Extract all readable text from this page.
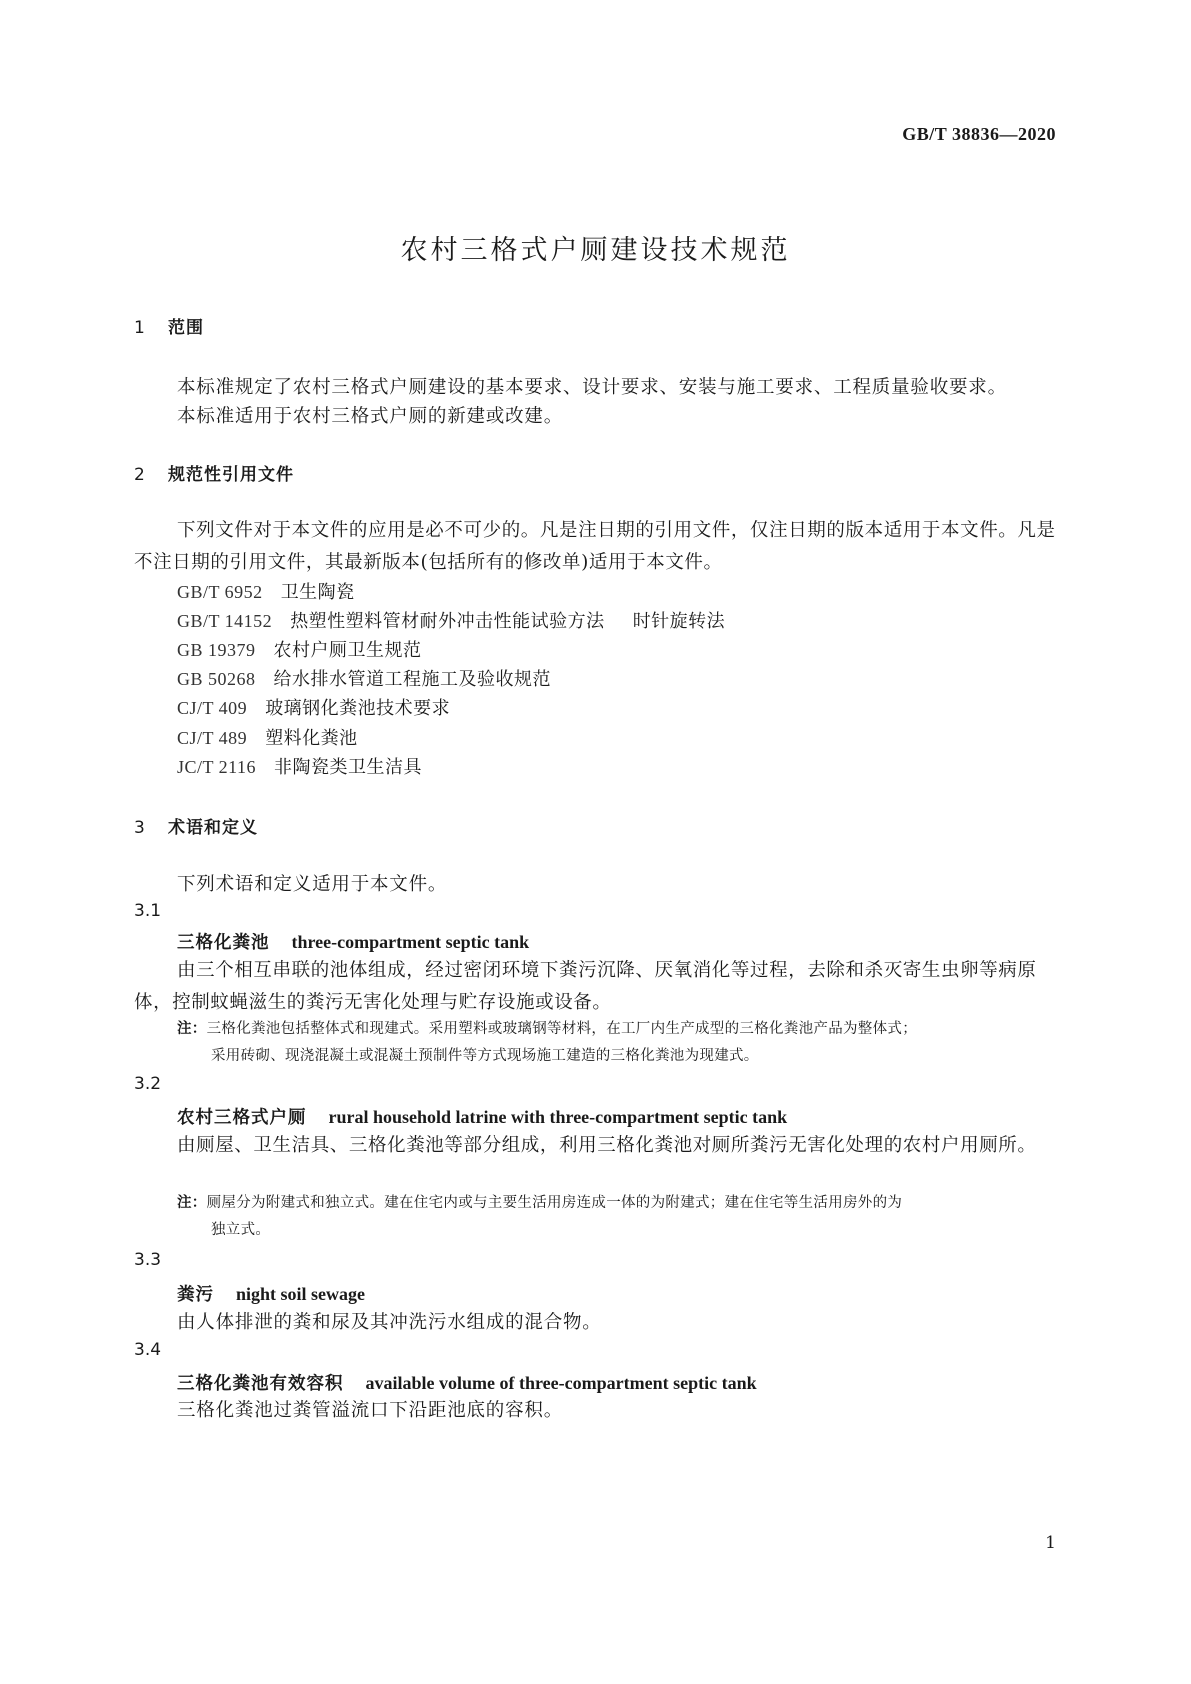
GB/T 38836—2020
农村三格式户厕建设技术规范
1 范围
本标准规定了农村三格式户厕建设的基本要求、设计要求、安装与施工要求、工程质量验收要求。
本标准适用于农村三格式户厕的新建或改建。
2 规范性引用文件
下列文件对于本文件的应用是必不可少的。凡是注日期的引用文件，仅注日期的版本适用于本文件。凡是不注日期的引用文件，其最新版本(包括所有的修改单)适用于本文件。
GB/T 6952 卫生陶瓷
GB/T 14152 热塑性塑料管材耐外冲击性能试验方法 时针旋转法
GB 19379 农村户厕卫生规范
GB 50268 给水排水管道工程施工及验收规范
CJ/T 409 玻璃钢化粪池技术要求
CJ/T 489 塑料化粪池
JC/T 2116 非陶瓷类卫生洁具
3 术语和定义
下列术语和定义适用于本文件。
3.1
三格化粪池 three-compartment septic tank
由三个相互串联的池体组成，经过密闭环境下粪污沉降、厌氧消化等过程，去除和杀灭寄生虫卵等病原体，控制蚊蝇滋生的粪污无害化处理与贮存设施或设备。
注：三格化粪池包括整体式和现建式。采用塑料或玻璃钢等材料，在工厂内生产成型的三格化粪池产品为整体式；
采用砖砌、现浇混凝土或混凝土预制件等方式现场施工建造的三格化粪池为现建式。
3.2
农村三格式户厕 rural household latrine with three-compartment septic tank
由厕屋、卫生洁具、三格化粪池等部分组成，利用三格化粪池对厕所粪污无害化处理的农村户用厕所。
注：厕屋分为附建式和独立式。建在住宅内或与主要生活用房连成一体的为附建式；建在住宅等生活用房外的为
独立式。
3.3
粪污 night soil sewage
由人体排泄的粪和尿及其冲洗污水组成的混合物。
3.4
三格化粪池有效容积 available volume of three-compartment septic tank
三格化粪池过粪管溢流口下沿距池底的容积。
1
